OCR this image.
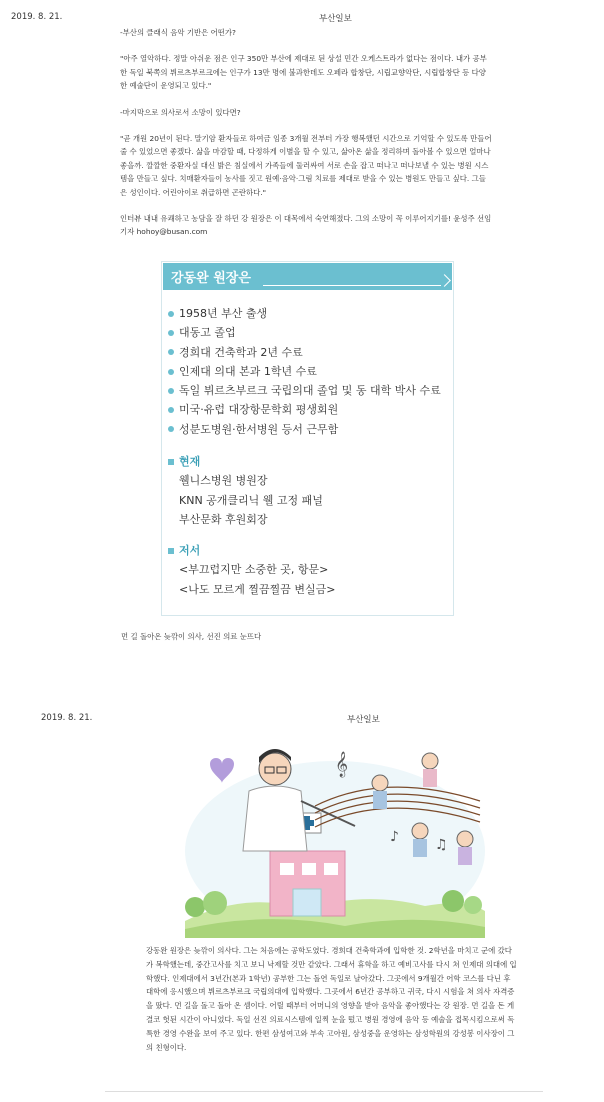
2019. 8. 21.	부산일보

-부산의 클래식 음악 기반은 어떤가?

"아주 열악하다. 정말 아쉬운 점은 인구 350만 부산에 제대로 된 상설 민간 오케스트라가 없다는 점이다. 내가 공부한 독일 북쪽의 뷔르츠부르크에는 인구가 13만 명에 불과한데도 오페라 합창단, 시립교향악단, 시립합창단 등 다양한 예술단이 운영되고 있다."

-마지막으로 의사로서 소망이 있다면?

"곧 개원 20년이 된다. 말기암 환자들로 하여금 임종 3개월 전부터 가장 행복했던 시간으로 기억할 수 있도록 만들어 줄 수 있었으면 좋겠다. 삶을 마감할 때, 다정하게 이별을 할 수 있고, 삶아온 삶을 정리하며 돌아볼 수 있으면 얼마나 좋을까. 깔깔한 중환자실 대신 밝은 침실에서 가족들에 둘러싸여 서로 손을 잡고 떠나고 떠나보낼 수 있는 병원 시스템을 만들고 싶다. 치매환자들이 농사를 짓고 원예·음악·그림 치료를 제대로 받을 수 있는 병원도 만들고 싶다. 그들은 성인이다. 어린아이로 취급하면 곤란하다."

인터뷰 내내 유쾌하고 농담을 잘 하던 강 원장은 이 대목에서 숙연해졌다. 그의 소망이 꼭 이루어지기를! 윤성주 선임기자 hohoy@busan.com

강동완 원장은
1958년 부산 출생
대동고 졸업
경희대 건축학과 2년 수료
인제대 의대 본과 1학년 수료
독일 뷔르츠부르크 국립의대 졸업 및 동 대학 박사 수료
미국·유럽 대장항문학회 평생회원
성분도병원·한서병원 등서 근무함
현재
웰니스병원 병원장
KNN 공개클리닉 웰 고정 패널
부산문화 후원회장
저서
<부끄럽지만 소중한 곳, 항문>
<나도 모르게 찔끔찔끔 변실금>
먼 길 돌아온 늦깎이 의사, 선진 의료 눈뜨다
2019. 8. 21.	부산일보
𝄞
♪	♫
강동완 원장은 늦깎이 의사다. 그는 처음에는 공학도였다. 경희대 건축학과에 입학한 것. 2학년을 마치고 군에 갔다가 복학했는데, 중간고사를 치고 보니 낙제할 것만 같았다. 그래서 휴학을 하고 예비고사를 다시 쳐 인제대 의대에 입학했다. 인제대에서 3년간(본과 1학년) 공부한 그는 돌연 독일로 날아갔다. 그곳에서 9개월간 어학 코스를 다닌 후 대학에 응시했으며 뷔르츠부르크 국립의대에 입학했다. 그곳에서 6년간 공부하고 귀국, 다시 시험을 쳐 의사 자격증을 땄다. 먼 길을 돌고 돌아 온 셈이다. 어릴 때부터 어머니의 영향을 받아 음악을 좋아했다는 강 원장. 먼 길을 돈 게 결코 헛된 시간이 아니었다. 독일 선진 의료시스템에 일찍 눈을 떴고 병원 경영에 음악 등 예술을 접목시킴으로써 독특한 경영 수완을 보여 주고 있다. 한편 삼성여고와 부속 고아원, 삼성중을 운영하는 삼성학원의 강성봉 이사장이 그의 친형이다.
